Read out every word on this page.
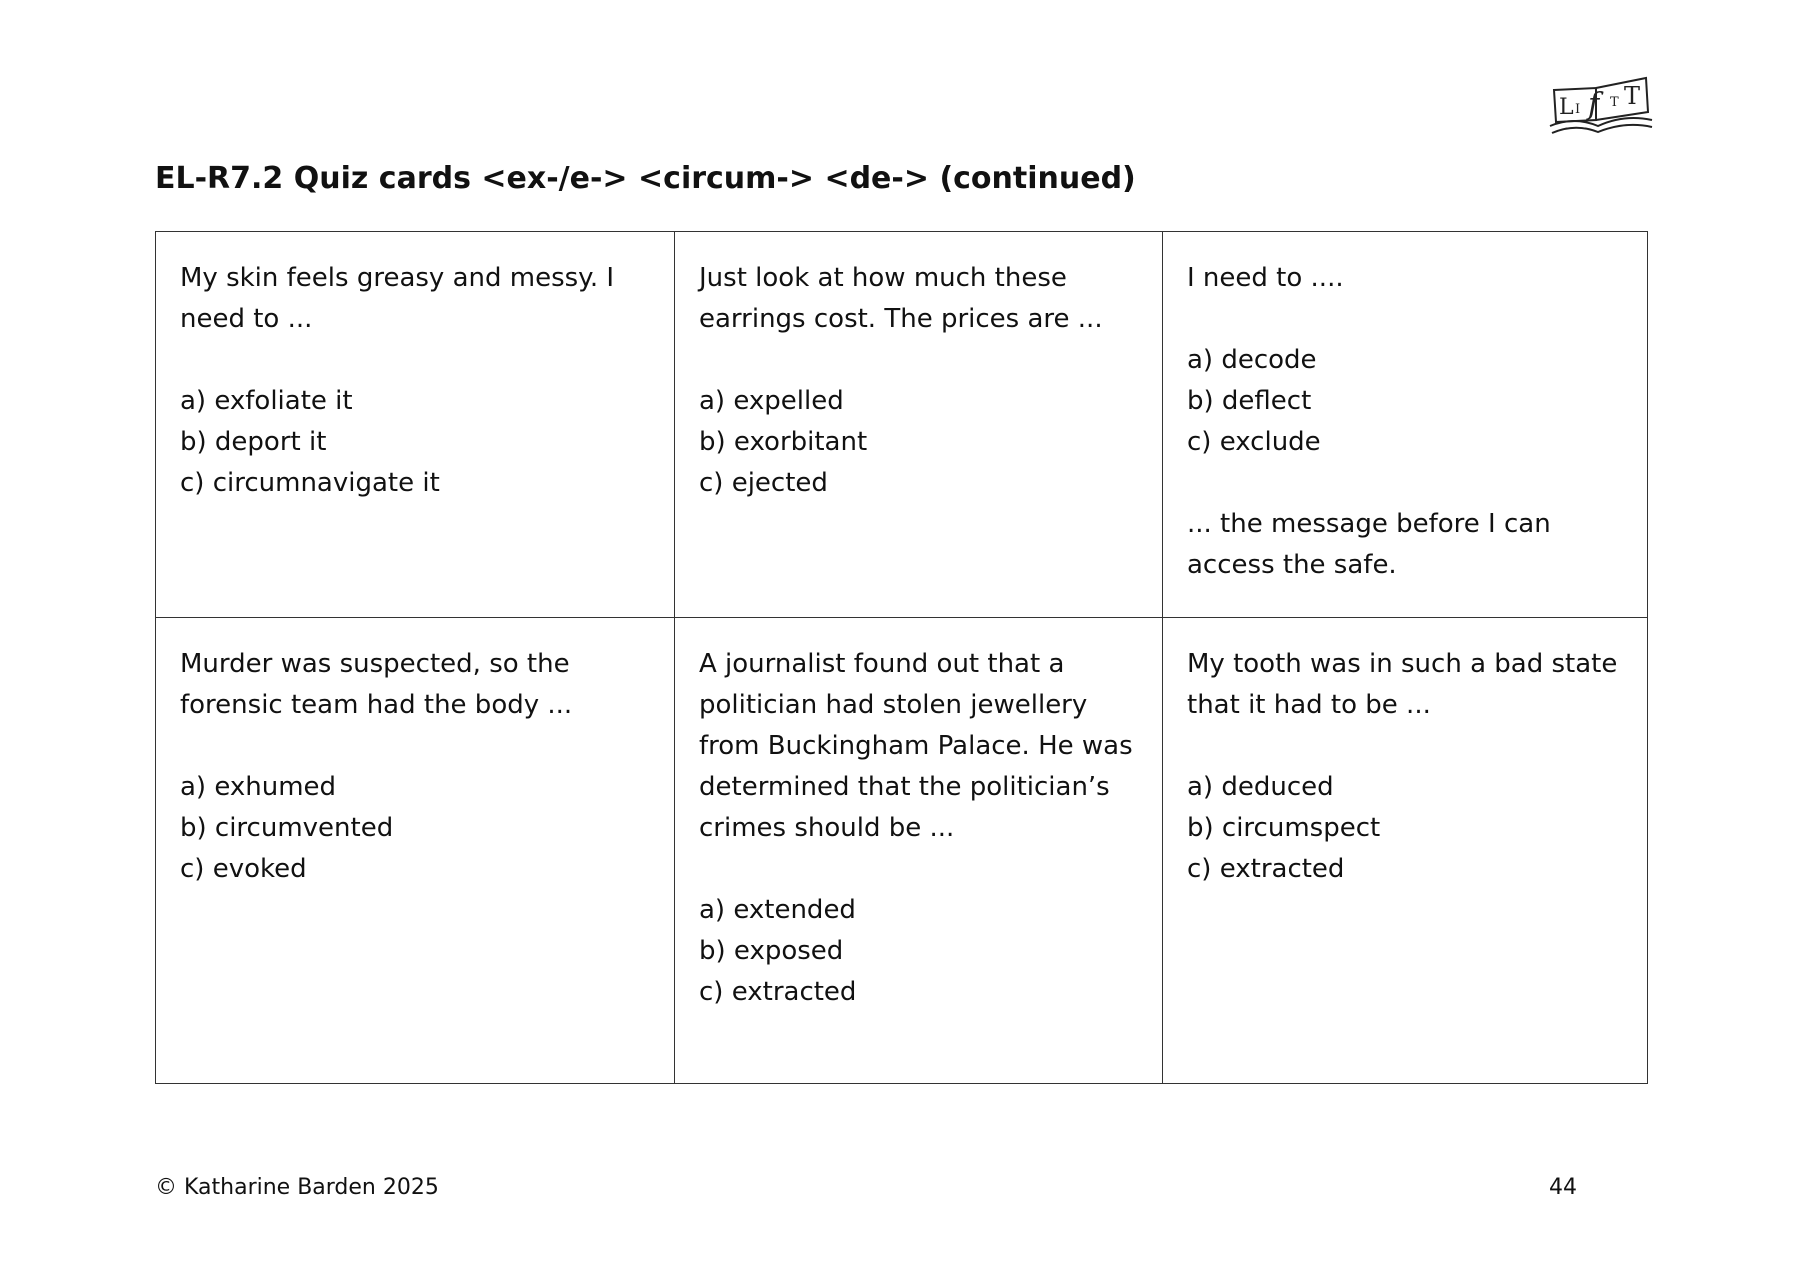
L I f T T
EL-R7.2 Quiz cards <ex-/e-> <circum-> <de-> (continued)

My skin feels greasy and messy. I need to ...

a) exfoliate it
b) deport it
c) circumnavigate it

Just look at how much these earrings cost. The prices are ...

a) expelled
b) exorbitant
c) ejected

I need to ....

a) decode
b) deflect
c) exclude

... the message before I can access the safe.

Murder was suspected, so the forensic team had the body ...

a) exhumed
b) circumvented
c) evoked

A journalist found out that a politician had stolen jewellery from Buckingham Palace. He was determined that the politician’s crimes should be ...

a) extended
b) exposed
c) extracted

My tooth was in such a bad state that it had to be ...

a) deduced
b) circumspect
c) extracted
© Katharine Barden 2025	44
